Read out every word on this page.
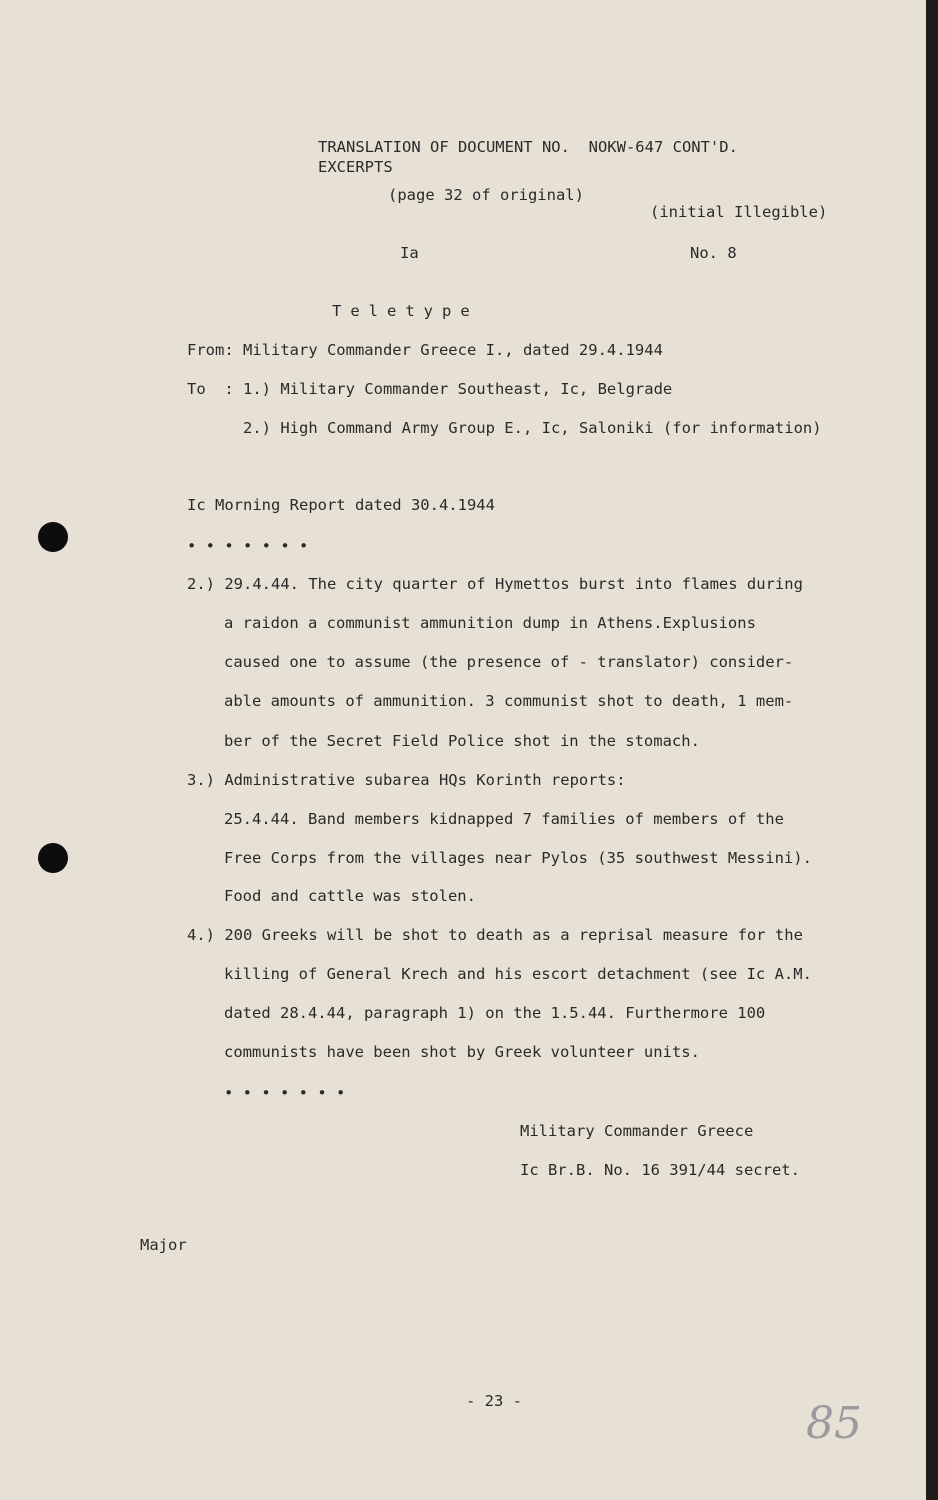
TRANSLATION OF DOCUMENT NO.  NOKW-647 CONT'D.
EXCERPTS
(page 32 of original)
(initial Illegible)
Ia	No. 8
Teletype
From: Military Commander Greece I., dated 29.4.1944
To  : 1.) Military Commander Southeast, Ic, Belgrade
2.) High Command Army Group E., Ic, Saloniki (for information)
Ic Morning Report dated 30.4.1944
• • • • • • •
2.) 29.4.44. The city quarter of Hymettos burst into flames during
a raidon a communist ammunition dump in Athens.Explusions
caused one to assume (the presence of - translator) consider-
able amounts of ammunition. 3 communist shot to death, 1 mem-
ber of the Secret Field Police shot in the stomach.
3.) Administrative subarea HQs Korinth reports:
25.4.44. Band members kidnapped 7 families of members of the
Free Corps from the villages near Pylos (35 southwest Messini).
Food and cattle was stolen.
4.) 200 Greeks will be shot to death as a reprisal measure for the
killing of General Krech and his escort detachment (see Ic A.M.
dated 28.4.44, paragraph 1) on the 1.5.44. Furthermore 100
communists have been shot by Greek volunteer units.
• • • • • • •
Military Commander Greece
Ic Br.B. No. 16 391/44 secret.
Major
- 23 -	85
